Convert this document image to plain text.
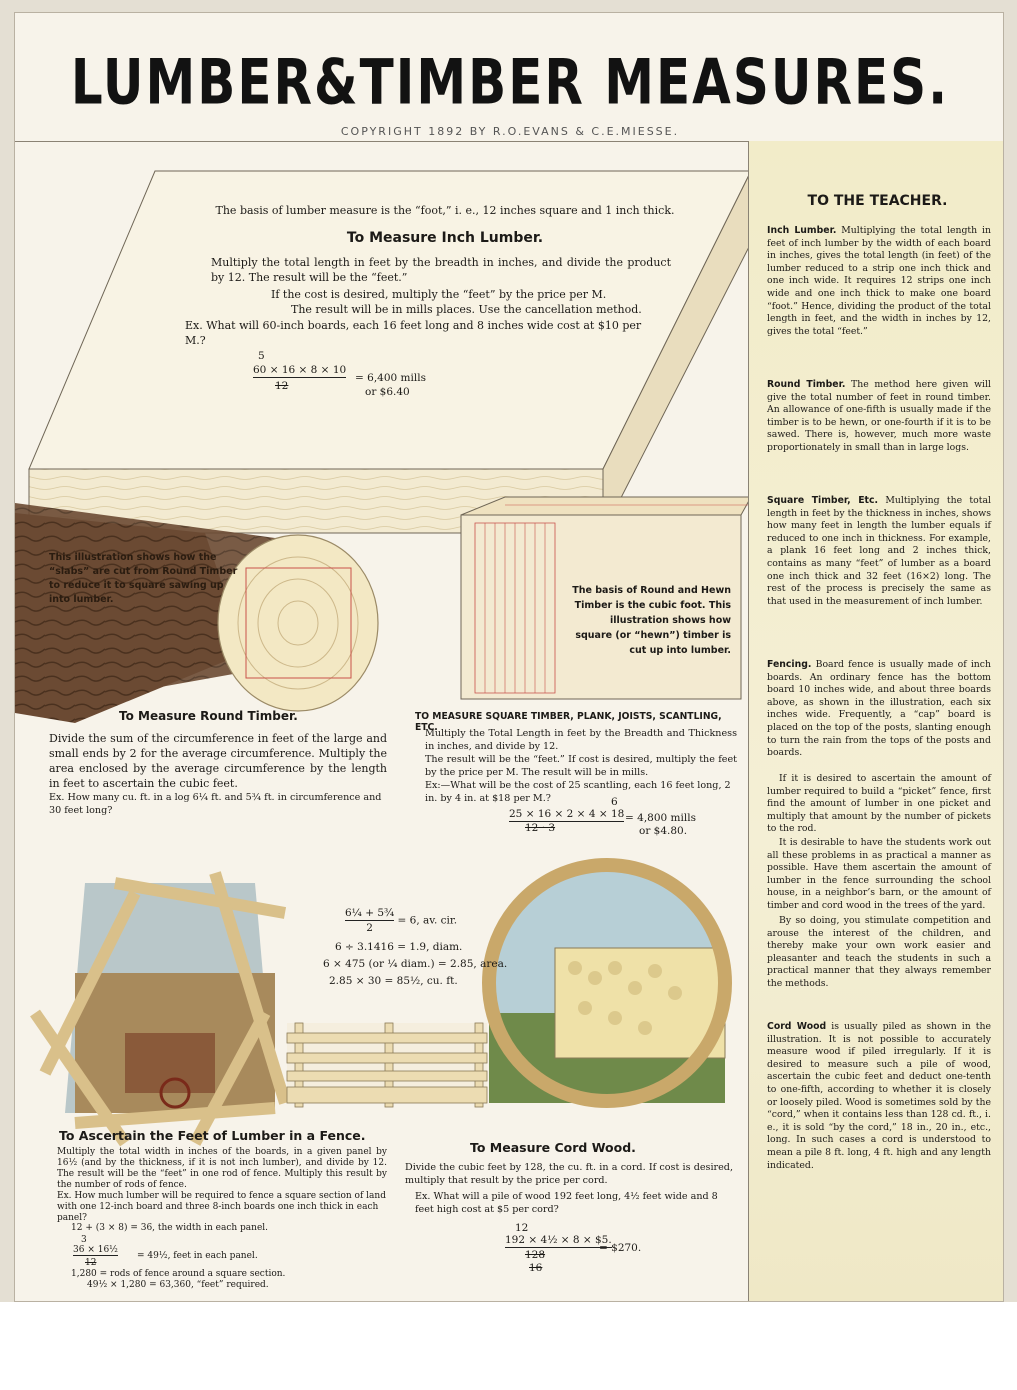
LUMBER&TIMBER MEASURES.
COPYRIGHT 1892 BY R.O.EVANS & C.E.MIESSE.
The basis of lumber measure is the “foot,” i. e., 12 inches square and 1 inch thick.
To Measure Inch Lumber.
Multiply the total length in feet by the breadth in inches, and divide the product by 12. The result will be the “feet.”
If the cost is desired, multiply the “feet” by the price per M.
The result will be in mills places. Use the cancellation method.
Ex. What will 60-inch boards, each 16 feet long and 8 inches wide cost at $10 per M.?
5
60 × 16 × 8 × 10
12
= 6,400 mills
or $6.40
This illustration shows how the “slabs” are cut from Round Timber to reduce it to square sawing up into lumber.
The basis of Round and Hewn Timber is the cubic foot. This illustration shows how square (or “hewn”) timber is cut up into lumber.
To Measure Round Timber.
Divide the sum of the circumference in feet of the large and small ends by 2 for the average circumference. Multiply the area enclosed by the average circumference by the length in feet to ascertain the cubic feet.
Ex. How many cu. ft. in a log 6¼ ft. and 5¾ ft. in circumference and 30 feet long?
TO MEASURE SQUARE TIMBER, PLANK, JOISTS, SCANTLING, ETC.
Multiply the Total Length in feet by the Breadth and Thickness in inches, and divide by 12.
The result will be the “feet.” If cost is desired, multiply the feet by the price per M. The result will be in mills.
Ex:—What will be the cost of 25 scantling, each 16 feet long, 2 in. by 4 in. at $18 per M.?	6
25 × 16 × 2 × 4 × 18
12 · 3
= 4,800 mills
or $4.80.
$\frac{\text{6¼ + 5¾}}{2} = 6$, av. cir.
6 ÷ 3.1416 = 1.9, diam.
6 × 475 (or ¼ diam.) = 2.85, area.
2.85 × 30 = 85½, cu. ft.
To Ascertain the Feet of Lumber in a Fence.
Multiply the total width in inches of the boards, in a given panel by 16½ (and by the thickness, if it is not inch lumber), and divide by 12. The result will be the “feet” in one rod of fence. Multiply this result by the number of rods of fence.
Ex. How much lumber will be required to fence a square section of land with one 12-inch board and three 8-inch boards one inch thick in each panel?
12 + (3 × 8) = 36, the width in each panel.
3
36 × 16½
12
= 49½, feet in each panel.
1,280 = rods of fence around a square section.
49½ × 1,280 = 63,360, “feet” required.
To Measure Cord Wood.
Divide the cubic feet by 128, the cu. ft. in a cord. If cost is desired, multiply that result by the price per cord.
Ex. What will a pile of wood 192 feet long, 4½ feet wide and 8 feet high cost at $5 per cord?
12
192 × 4½ × 8 × $5.
128
16
= $270.
TO THE TEACHER.
Inch Lumber. Multiplying the total length in feet of inch lumber by the width of each board in inches, gives the total length (in feet) of the lumber reduced to a strip one inch thick and one inch wide. It requires 12 strips one inch wide and one inch thick to make one board “foot.” Hence, dividing the product of the total length in feet, and the width in inches by 12, gives the total “feet.”
Round Timber. The method here given will give the total number of feet in round timber. An allowance of one-fifth is usually made if the timber is to be hewn, or one-fourth if it is to be sawed. There is, however, much more waste proportionately in small than in large logs.
Square Timber, Etc. Multiplying the total length in feet by the thickness in inches, shows how many feet in length the lumber equals if reduced to one inch in thickness. For example, a plank 16 feet long and 2 inches thick, contains as many “feet” of lumber as a board one inch thick and 32 feet (16×2) long. The rest of the process is precisely the same as that used in the measurement of inch lumber.
Fencing. Board fence is usually made of inch boards. An ordinary fence has the bottom board 10 inches wide, and about three boards above, as shown in the illustration, each six inches wide. Frequently, a “cap” board is placed on the top of the posts, slanting enough to turn the rain from the tops of the posts and boards.
If it is desired to ascertain the amount of lumber required to build a “picket” fence, first find the amount of lumber in one picket and multiply that amount by the number of pickets to the rod.
It is desirable to have the students work out all these problems in as practical a manner as possible. Have them ascertain the amount of lumber in the fence surrounding the school house, in a neighbor’s barn, or the amount of timber and cord wood in the trees of the yard.
By so doing, you stimulate competition and arouse the interest of the children, and thereby make your own work easier and pleasanter and teach the students in such a practical manner that they always remember the methods.
Cord Wood is usually piled as shown in the illustration. It is not possible to accurately measure wood if piled irregularly. If it is desired to measure such a pile of wood, ascertain the cubic feet and deduct one-tenth to one-fifth, according to whether it is closely or loosely piled. Wood is sometimes sold by the “cord,” when it contains less than 128 cd. ft., i. e., it is sold “by the cord,” 18 in., 20 in., etc., long. In such cases a cord is understood to mean a pile 8 ft. long, 4 ft. high and any length indicated.
